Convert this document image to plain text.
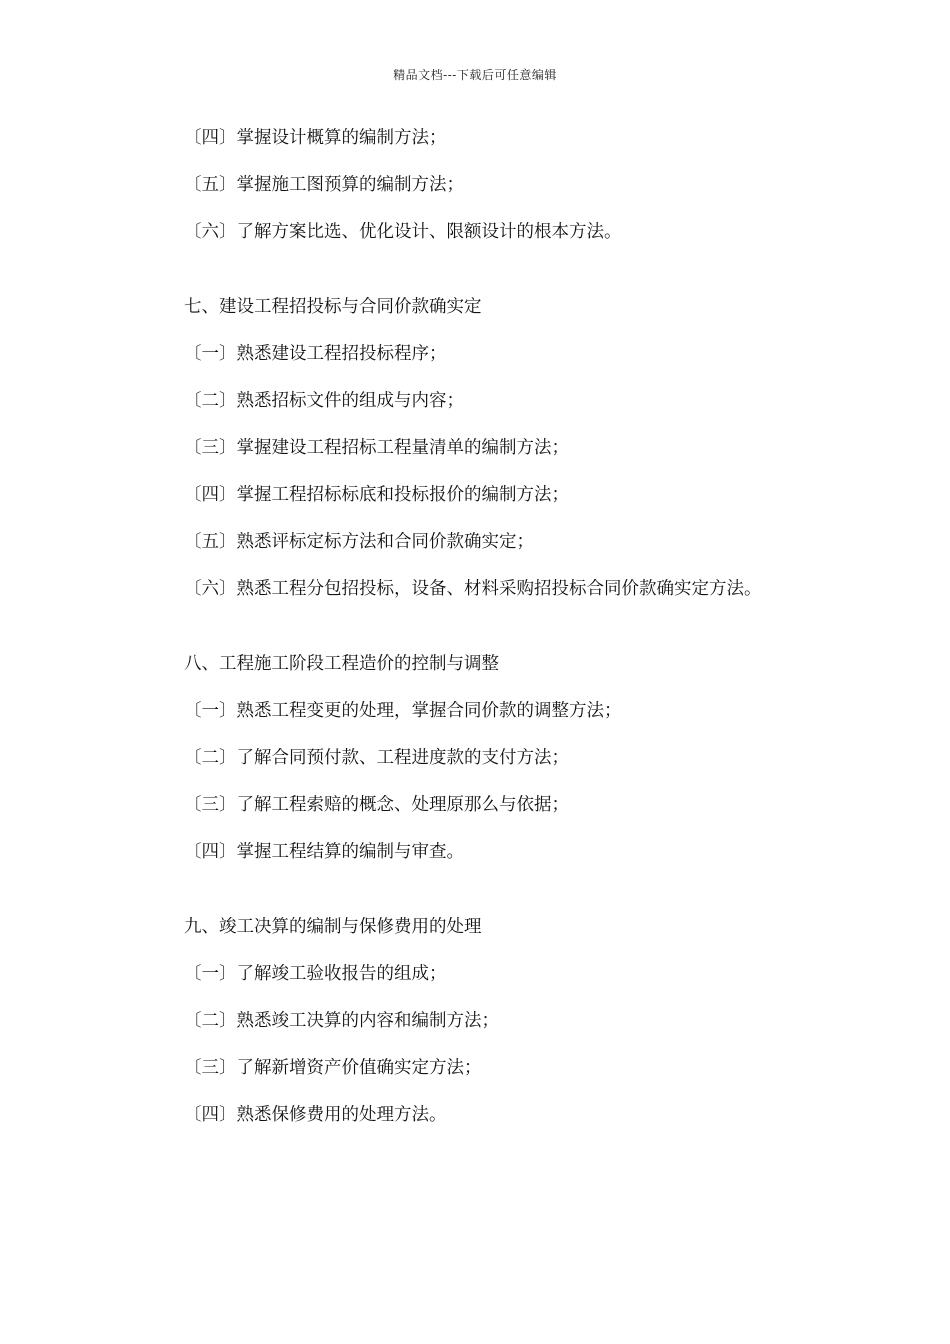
精品文档---下载后可任意编辑
〔四〕掌握设计概算的编制方法；
〔五〕掌握施工图预算的编制方法；
〔六〕了解方案比选、优化设计、限额设计的根本方法。
七、建设工程招投标与合同价款确实定
〔一〕熟悉建设工程招投标程序；
〔二〕熟悉招标文件的组成与内容；
〔三〕掌握建设工程招标工程量清单的编制方法；
〔四〕掌握工程招标标底和投标报价的编制方法；
〔五〕熟悉评标定标方法和合同价款确实定；
〔六〕熟悉工程分包招投标，设备、材料采购招投标合同价款确实定方法。
八、工程施工阶段工程造价的控制与调整
〔一〕熟悉工程变更的处理，掌握合同价款的调整方法；
〔二〕了解合同预付款、工程进度款的支付方法；
〔三〕了解工程索赔的概念、处理原那么与依据；
〔四〕掌握工程结算的编制与审查。
九、竣工决算的编制与保修费用的处理
〔一〕了解竣工验收报告的组成；
〔二〕熟悉竣工决算的内容和编制方法；
〔三〕了解新增资产价值确实定方法；
〔四〕熟悉保修费用的处理方法。
